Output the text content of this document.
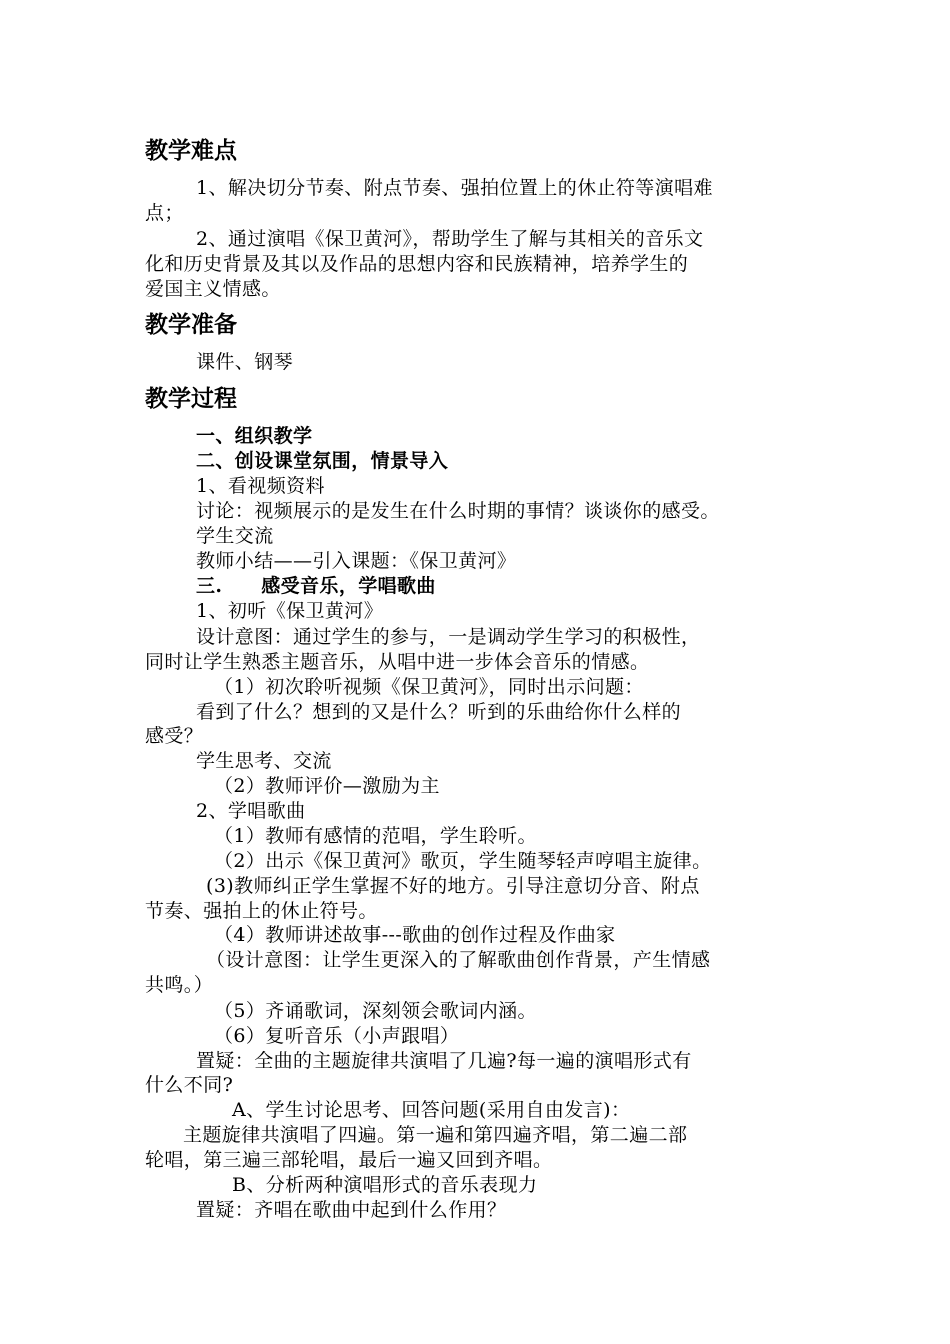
教学难点
1、解决切分节奏、附点节奏、强拍位置上的休止符等演唱难
点；
2、通过演唱《保卫黄河》，帮助学生了解与其相关的音乐文
化和历史背景及其以及作品的思想内容和民族精神，培养学生的
爱国主义情感。
教学准备
课件、钢琴
教学过程
一、组织教学
二、创设课堂氛围，情景导入
1、看视频资料
讨论：视频展示的是发生在什么时期的事情？谈谈你的感受。
学生交流
教师小结——引入课题：《保卫黄河》
三.　　感受音乐，学唱歌曲
1、初听《保卫黄河》
设计意图：通过学生的参与，一是调动学生学习的积极性，
同时让学生熟悉主题音乐，从唱中进一步体会音乐的情感。
（1）初次聆听视频《保卫黄河》，同时出示问题：
看到了什么？想到的又是什么？听到的乐曲给你什么样的
感受？
学生思考、交流
（2）教师评价—激励为主
2、学唱歌曲
（1）教师有感情的范唱，学生聆听。
（2）出示《保卫黄河》歌页，学生随琴轻声哼唱主旋律。
(3)教师纠正学生掌握不好的地方。引导注意切分音、附点
节奏、强拍上的休止符号。
（4）教师讲述故事---歌曲的创作过程及作曲家
（设计意图：让学生更深入的了解歌曲创作背景，产生情感
共鸣。）
（5）齐诵歌词，深刻领会歌词内涵。
（6）复听音乐（小声跟唱）
置疑：全曲的主题旋律共演唱了几遍?每一遍的演唱形式有
什么不同?
A、学生讨论思考、回答问题(采用自由发言)：
主题旋律共演唱了四遍。第一遍和第四遍齐唱，第二遍二部
轮唱，第三遍三部轮唱，最后一遍又回到齐唱。
B、分析两种演唱形式的音乐表现力
置疑：齐唱在歌曲中起到什么作用？
